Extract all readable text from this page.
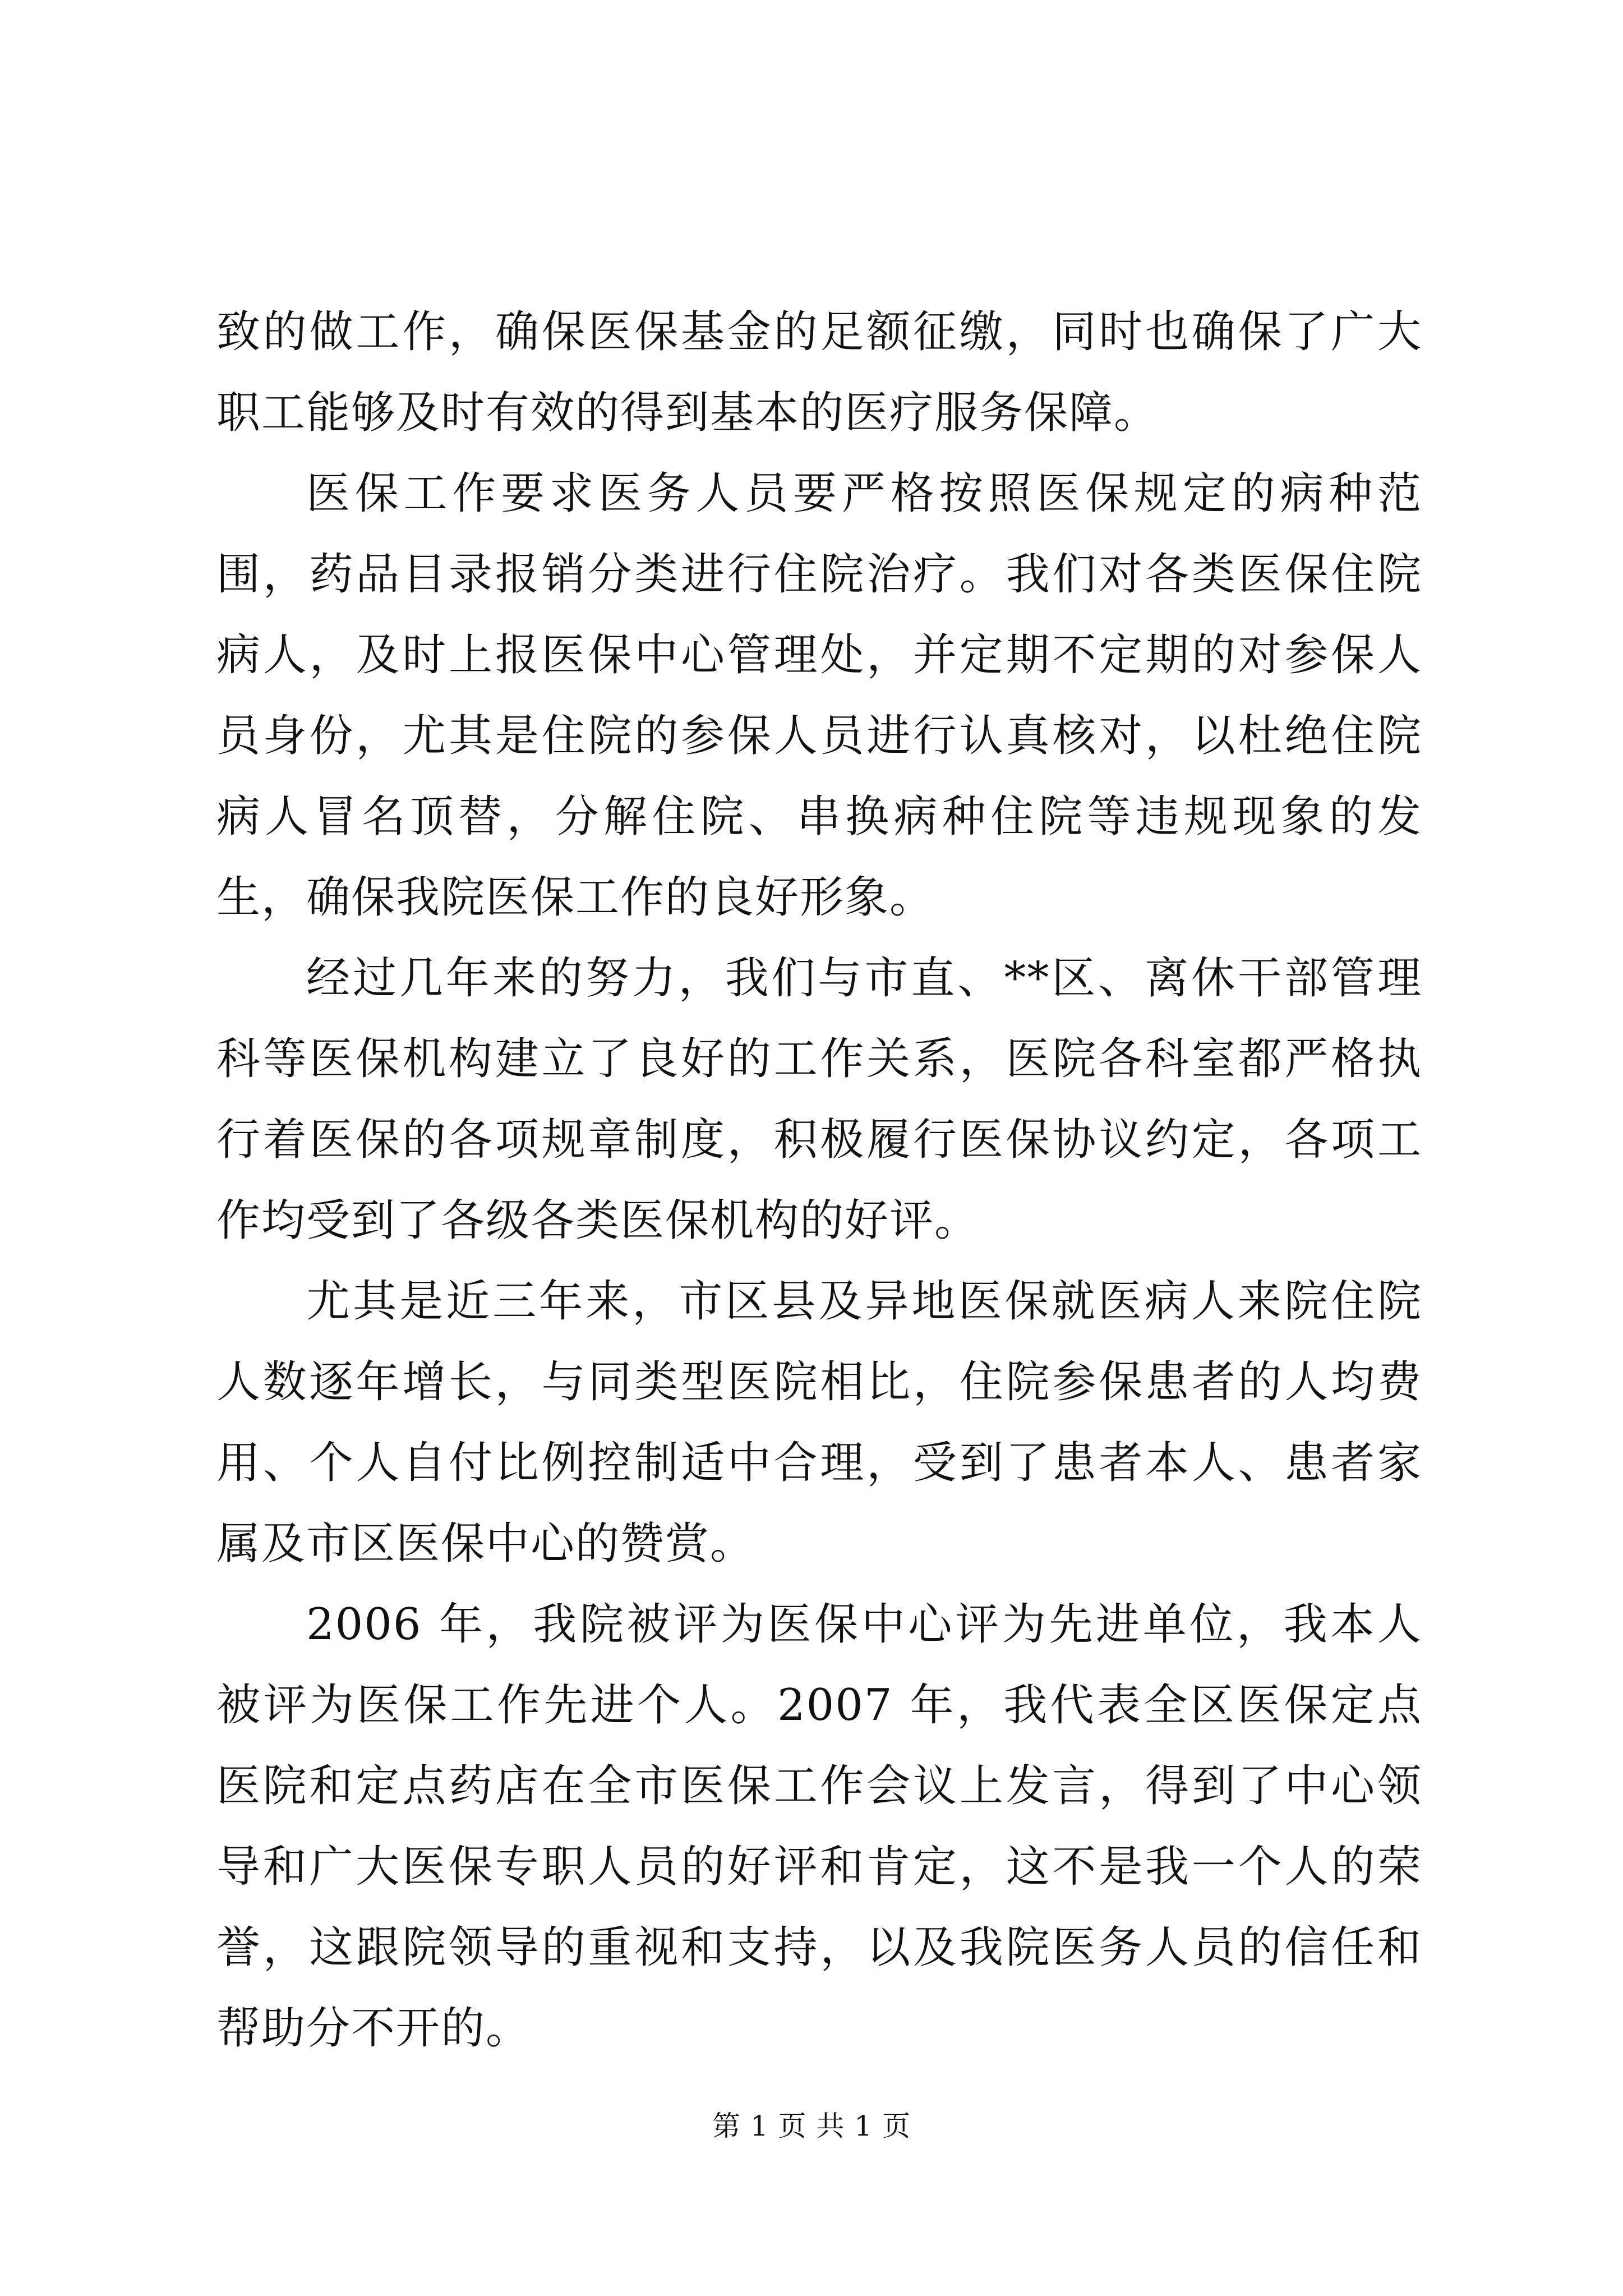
致的做工作，确保医保基金的足额征缴，同时也确保了广大职工能够及时有效的得到基本的医疗服务保障。

医保工作要求医务人员要严格按照医保规定的病种范围，药品目录报销分类进行住院治疗。我们对各类医保住院病人，及时上报医保中心管理处，并定期不定期的对参保人员身份，尤其是住院的参保人员进行认真核对，以杜绝住院病人冒名顶替，分解住院、串换病种住院等违规现象的发生，确保我院医保工作的良好形象。

经过几年来的努力，我们与市直、**区、离休干部管理科等医保机构建立了良好的工作关系，医院各科室都严格执行着医保的各项规章制度，积极履行医保协议约定，各项工作均受到了各级各类医保机构的好评。

尤其是近三年来，市区县及异地医保就医病人来院住院人数逐年增长，与同类型医院相比，住院参保患者的人均费用、个人自付比例控制适中合理，受到了患者本人、患者家属及市区医保中心的赞赏。

2006 年，我院被评为医保中心评为先进单位，我本人被评为医保工作先进个人。2007 年，我代表全区医保定点医院和定点药店在全市医保工作会议上发言，得到了中心领导和广大医保专职人员的好评和肯定，这不是我一个人的荣誉，这跟院领导的重视和支持，以及我院医务人员的信任和帮助分不开的。

第 1 页 共 1 页
